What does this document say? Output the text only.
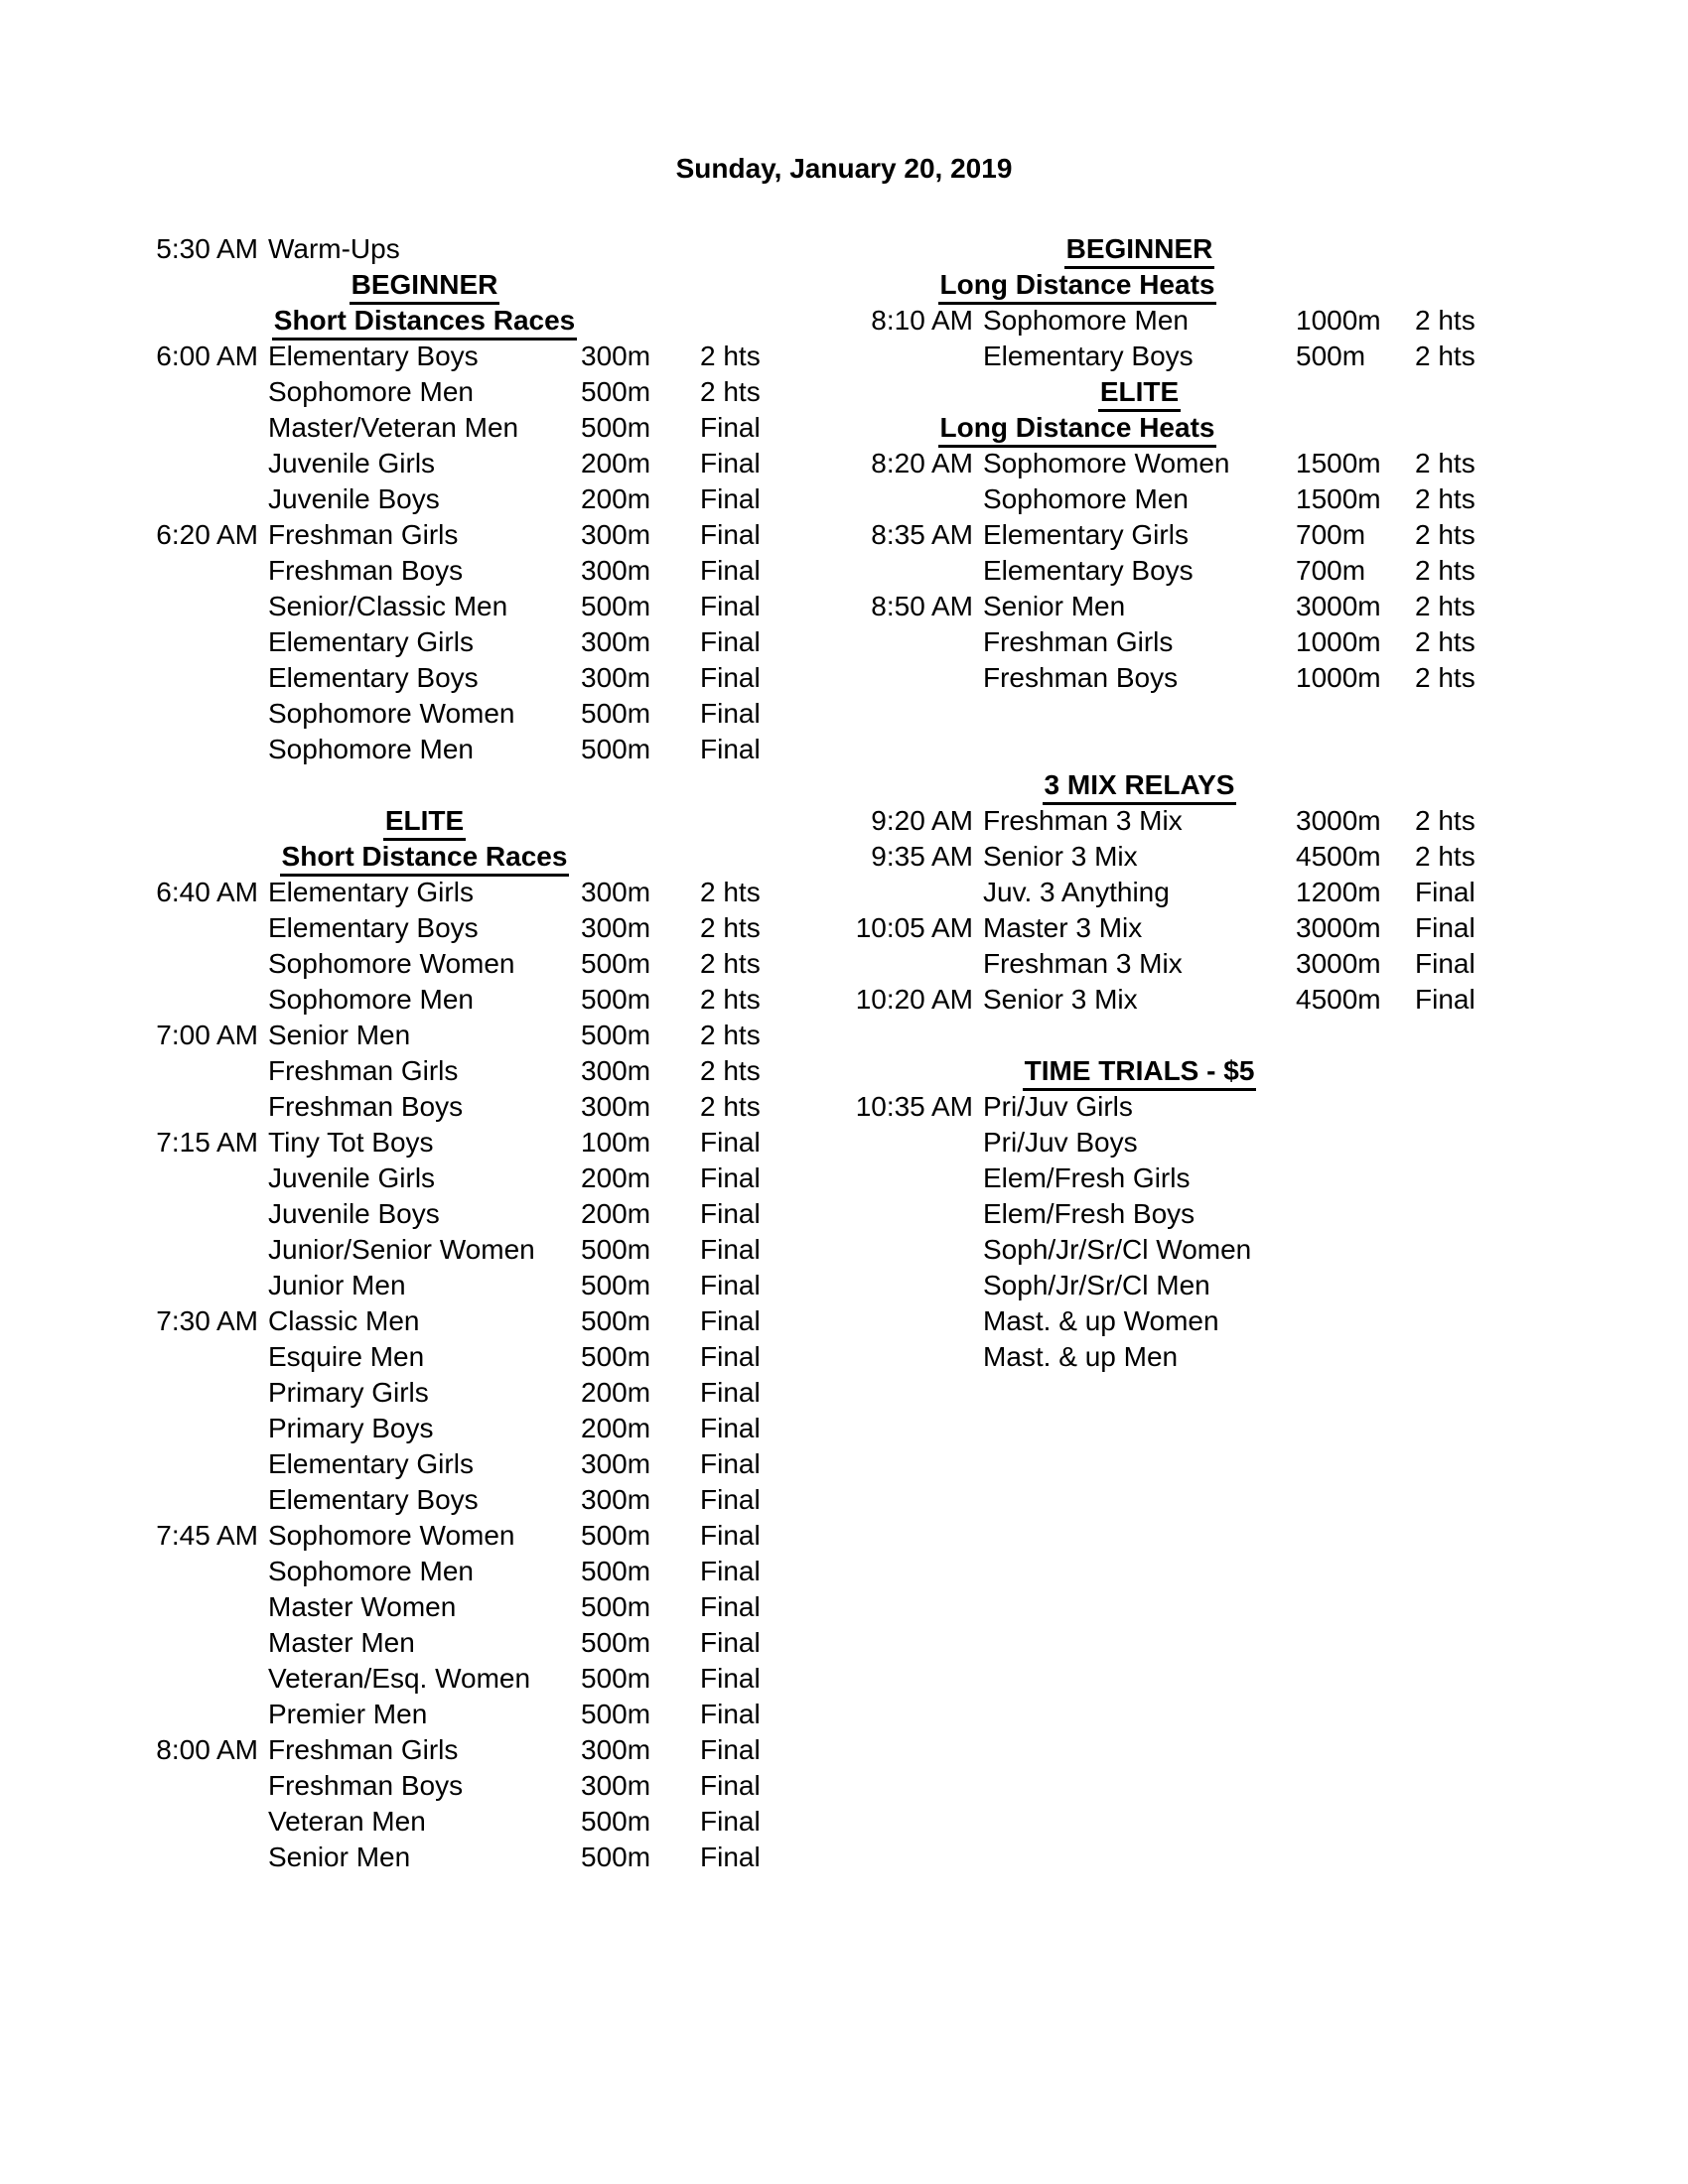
Sunday, January 20, 2019
5:30 AM Warm-Ups
BEGINNER
Short Distances Races
6:00 AM Elementary Boys	300m	2 hts
Sophomore Men	500m	2 hts
Master/Veteran Men	500m	Final
Juvenile Girls	200m	Final
Juvenile Boys	200m	Final
6:20 AM Freshman Girls	300m	Final
Freshman Boys	300m	Final
Senior/Classic Men	500m	Final
Elementary Girls	300m	Final
Elementary Boys	300m	Final
Sophomore Women	500m	Final
Sophomore Men	500m	Final
ELITE
Short Distance Races
6:40 AM Elementary Girls	300m	2 hts
Elementary Boys	300m	2 hts
Sophomore Women	500m	2 hts
Sophomore Men	500m	2 hts
7:00 AM Senior Men	500m	2 hts
Freshman Girls	300m	2 hts
Freshman Boys	300m	2 hts
7:15 AM Tiny Tot Boys	100m	Final
Juvenile Girls	200m	Final
Juvenile Boys	200m	Final
Junior/Senior Women	500m	Final
Junior Men	500m	Final
7:30 AM Classic Men	500m	Final
Esquire Men	500m	Final
Primary Girls	200m	Final
Primary Boys	200m	Final
Elementary Girls	300m	Final
Elementary Boys	300m	Final
7:45 AM Sophomore Women	500m	Final
Sophomore Men	500m	Final
Master Women	500m	Final
Master Men	500m	Final
Veteran/Esq. Women	500m	Final
Premier Men	500m	Final
8:00 AM Freshman Girls	300m	Final
Freshman Boys	300m	Final
Veteran Men	500m	Final
Senior Men	500m	Final
BEGINNER
Long Distance Heats
8:10 AM Sophomore Men	1000m	2 hts
Elementary Boys	500m	2 hts
ELITE
Long Distance Heats
8:20 AM Sophomore Women	1500m	2 hts
Sophomore Men	1500m	2 hts
8:35 AM Elementary Girls	700m	2 hts
Elementary Boys	700m	2 hts
8:50 AM Senior Men	3000m	2 hts
Freshman Girls	1000m	2 hts
Freshman Boys	1000m	2 hts
3 MIX RELAYS
9:20 AM Freshman 3 Mix	3000m	2 hts
9:35 AM Senior 3 Mix	4500m	2 hts
Juv. 3 Anything	1200m	Final
10:05 AM Master 3 Mix	3000m	Final
Freshman 3 Mix	3000m	Final
10:20 AM Senior 3 Mix	4500m	Final
TIME TRIALS - $5
10:35 AM Pri/Juv Girls
Pri/Juv Boys
Elem/Fresh Girls
Elem/Fresh Boys
Soph/Jr/Sr/Cl Women
Soph/Jr/Sr/Cl Men
Mast. & up Women
Mast. & up Men
